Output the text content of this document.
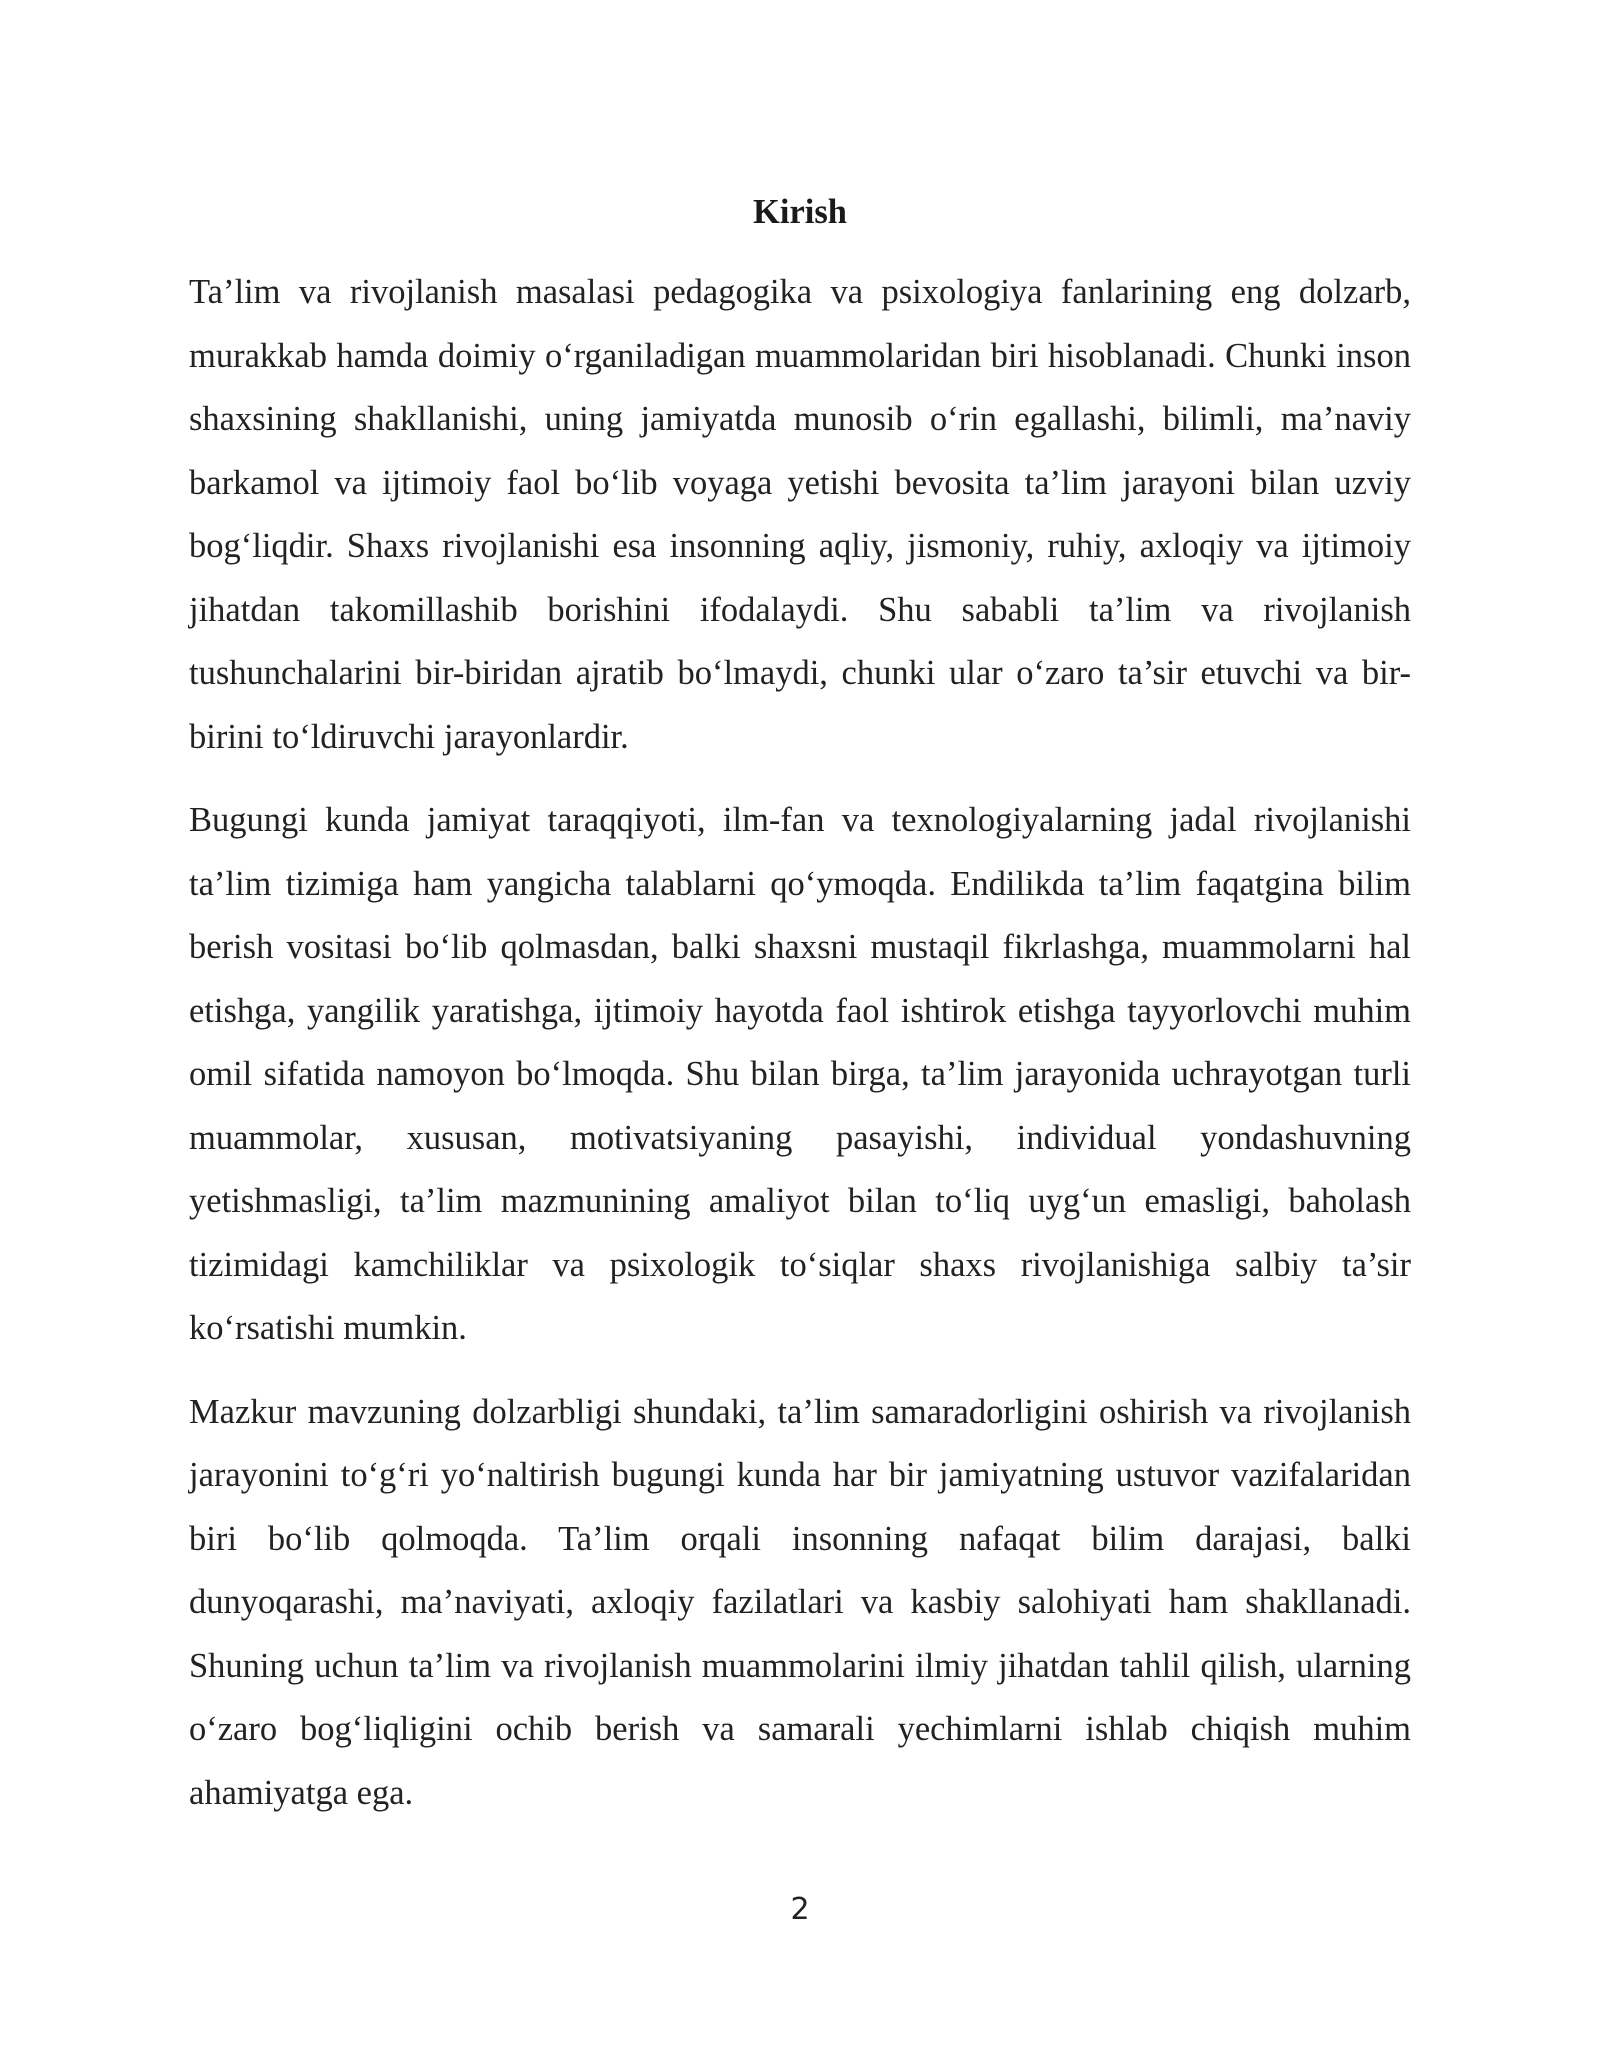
Kirish

Ta’lim va rivojlanish masalasi pedagogika va psixologiya fanlarining eng dolzarb, murakkab hamda doimiy o‘rganiladigan muammolaridan biri hisoblanadi. Chunki inson shaxsining shakllanishi, uning jamiyatda munosib o‘rin egallashi, bilimli, ma’naviy barkamol va ijtimoiy faol bo‘lib voyaga yetishi bevosita ta’lim jarayoni bilan uzviy bog‘liqdir. Shaxs rivojlanishi esa insonning aqliy, jismoniy, ruhiy, axloqiy va ijtimoiy jihatdan takomillashib borishini ifodalaydi. Shu sababli ta’lim va rivojlanish tushunchalarini bir-biridan ajratib bo‘lmaydi, chunki ular o‘zaro ta’sir etuvchi va bir-birini to‘ldiruvchi jarayonlardir.

Bugungi kunda jamiyat taraqqiyoti, ilm-fan va texnologiyalarning jadal rivojlanishi ta’lim tizimiga ham yangicha talablarni qo‘ymoqda. Endilikda ta’lim faqatgina bilim berish vositasi bo‘lib qolmasdan, balki shaxsni mustaqil fikrlashga, muammolarni hal etishga, yangilik yaratishga, ijtimoiy hayotda faol ishtirok etishga tayyorlovchi muhim omil sifatida namoyon bo‘lmoqda. Shu bilan birga, ta’lim jarayonida uchrayotgan turli muammolar, xususan, motivatsiyaning pasayishi, individual yondashuvning yetishmasligi, ta’lim mazmunining amaliyot bilan to‘liq uyg‘un emasligi, baholash tizimidagi kamchiliklar va psixologik to‘siqlar shaxs rivojlanishiga salbiy ta’sir ko‘rsatishi mumkin.

Mazkur mavzuning dolzarbligi shundaki, ta’lim samaradorligini oshirish va rivojlanish jarayonini to‘g‘ri yo‘naltirish bugungi kunda har bir jamiyatning ustuvor vazifalaridan biri bo‘lib qolmoqda. Ta’lim orqali insonning nafaqat bilim darajasi, balki dunyoqarashi, ma’naviyati, axloqiy fazilatlari va kasbiy salohiyati ham shakllanadi. Shuning uchun ta’lim va rivojlanish muammolarini ilmiy jihatdan tahlil qilish, ularning o‘zaro bog‘liqligini ochib berish va samarali yechimlarni ishlab chiqish muhim ahamiyatga ega.

2
